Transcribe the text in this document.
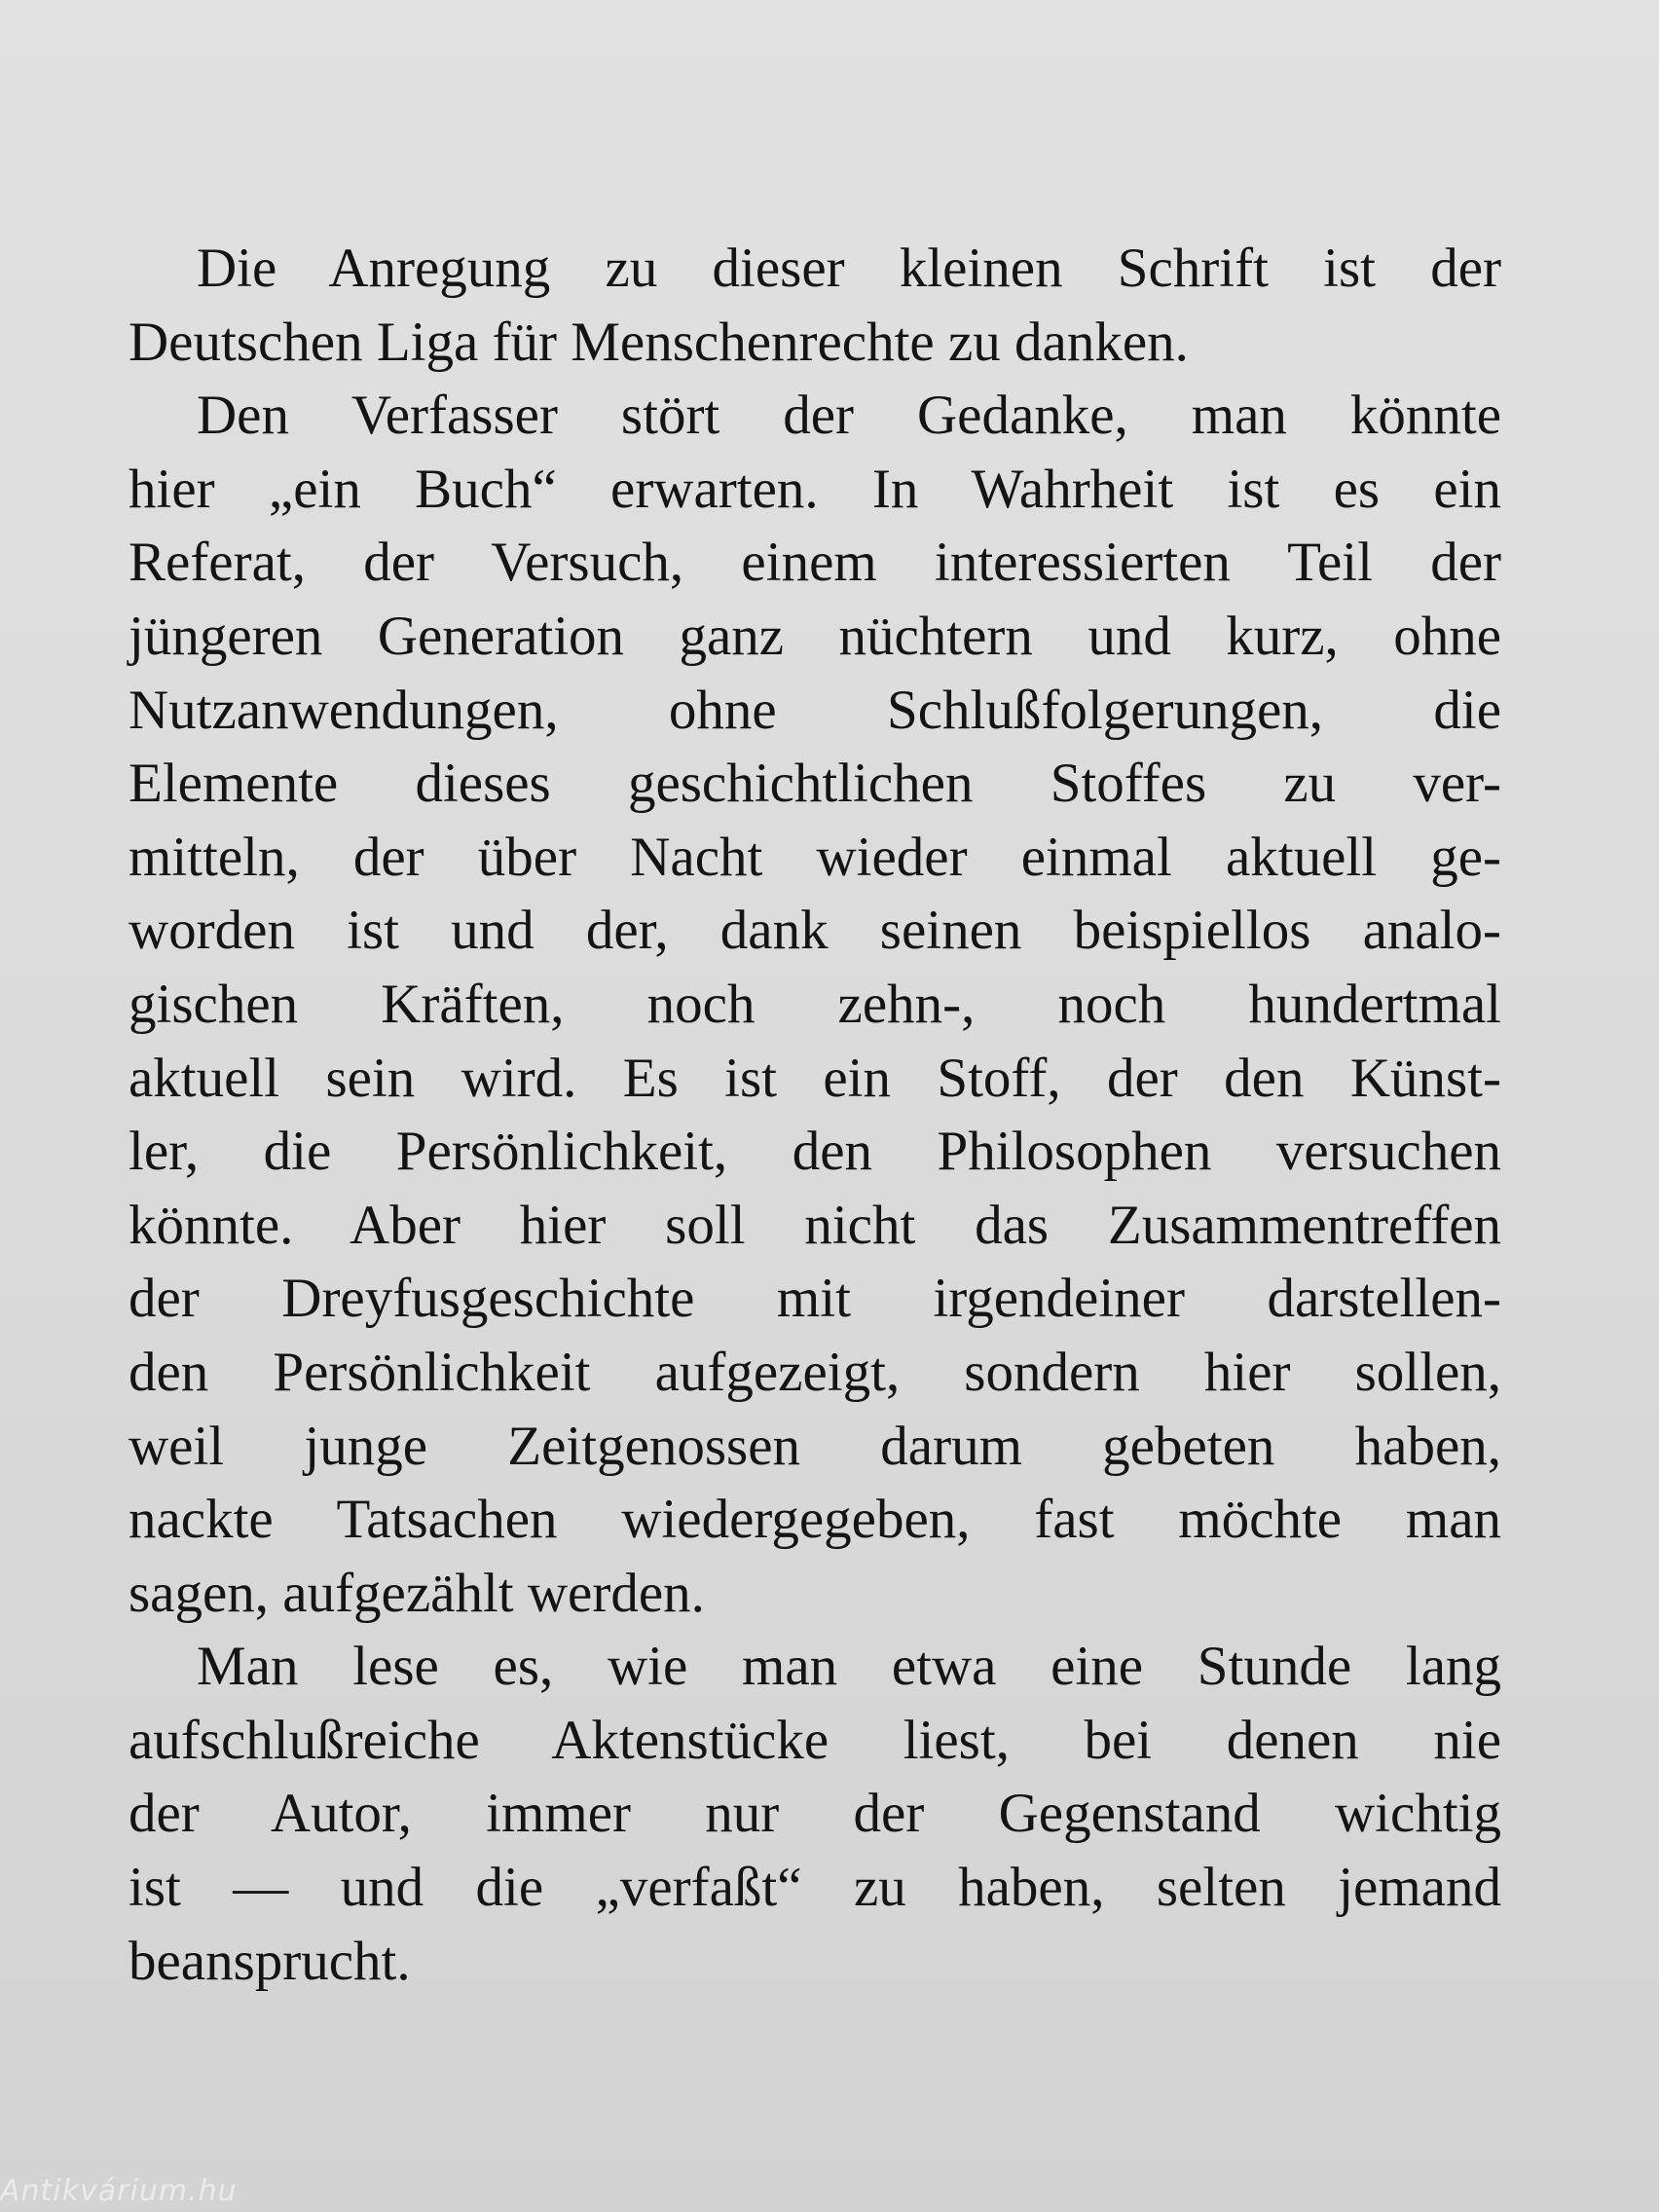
Die Anregung zu dieser kleinen Schrift ist der
Deutschen Liga für Menschenrechte zu danken.
Den Verfasser stört der Gedanke, man könnte
hier „ein Buch“ erwarten. In Wahrheit ist es ein
Referat, der Versuch, einem interessierten Teil der
jüngeren Generation ganz nüchtern und kurz, ohne
Nutzanwendungen, ohne Schlußfolgerungen, die
Elemente dieses geschichtlichen Stoffes zu ver-
mitteln, der über Nacht wieder einmal aktuell ge-
worden ist und der, dank seinen beispiellos analo-
gischen Kräften, noch zehn-, noch hundertmal
aktuell sein wird. Es ist ein Stoff, der den Künst-
ler, die Persönlichkeit, den Philosophen versuchen
könnte. Aber hier soll nicht das Zusammentreffen
der Dreyfusgeschichte mit irgendeiner darstellen-
den Persönlichkeit aufgezeigt, sondern hier sollen,
weil junge Zeitgenossen darum gebeten haben,
nackte Tatsachen wiedergegeben, fast möchte man
sagen, aufgezählt werden.
Man lese es, wie man etwa eine Stunde lang
aufschlußreiche Aktenstücke liest, bei denen nie
der Autor, immer nur der Gegenstand wichtig
ist — und die „verfaßt“ zu haben, selten jemand
beansprucht.
Antikvárium.hu
